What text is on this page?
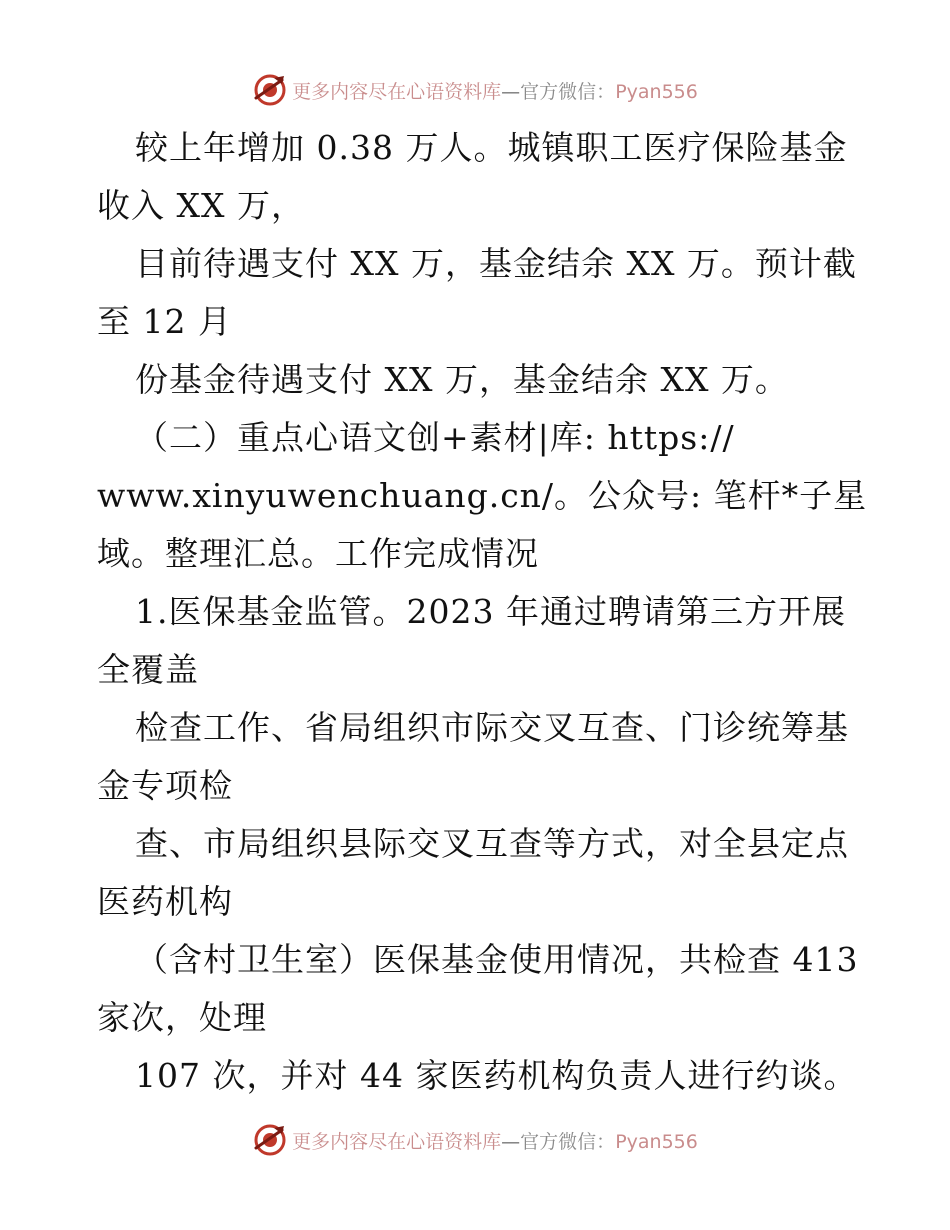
更多内容尽在心语资料库—官方微信：Pyan556
较上年增加 0.38 万人。城镇职工医疗保险基金
收入 XX 万，
目前待遇支付 XX 万，基金结余 XX 万。预计截
至 12 月
份基金待遇支付 XX 万，基金结余 XX 万。
（二）重点心语文创+素材|库: https://
www.xinyuwenchuang.cn/。公众号: 笔杆*子星
域。整理汇总。工作完成情况
1.医保基金监管。2023 年通过聘请第三方开展
全覆盖
检查工作、省局组织市际交叉互查、门诊统筹基
金专项检
查、市局组织县际交叉互查等方式，对全县定点
医药机构
（含村卫生室）医保基金使用情况，共检查 413
家次，处理
107 次，并对 44 家医药机构负责人进行约谈。
更多内容尽在心语资料库—官方微信：Pyan556
